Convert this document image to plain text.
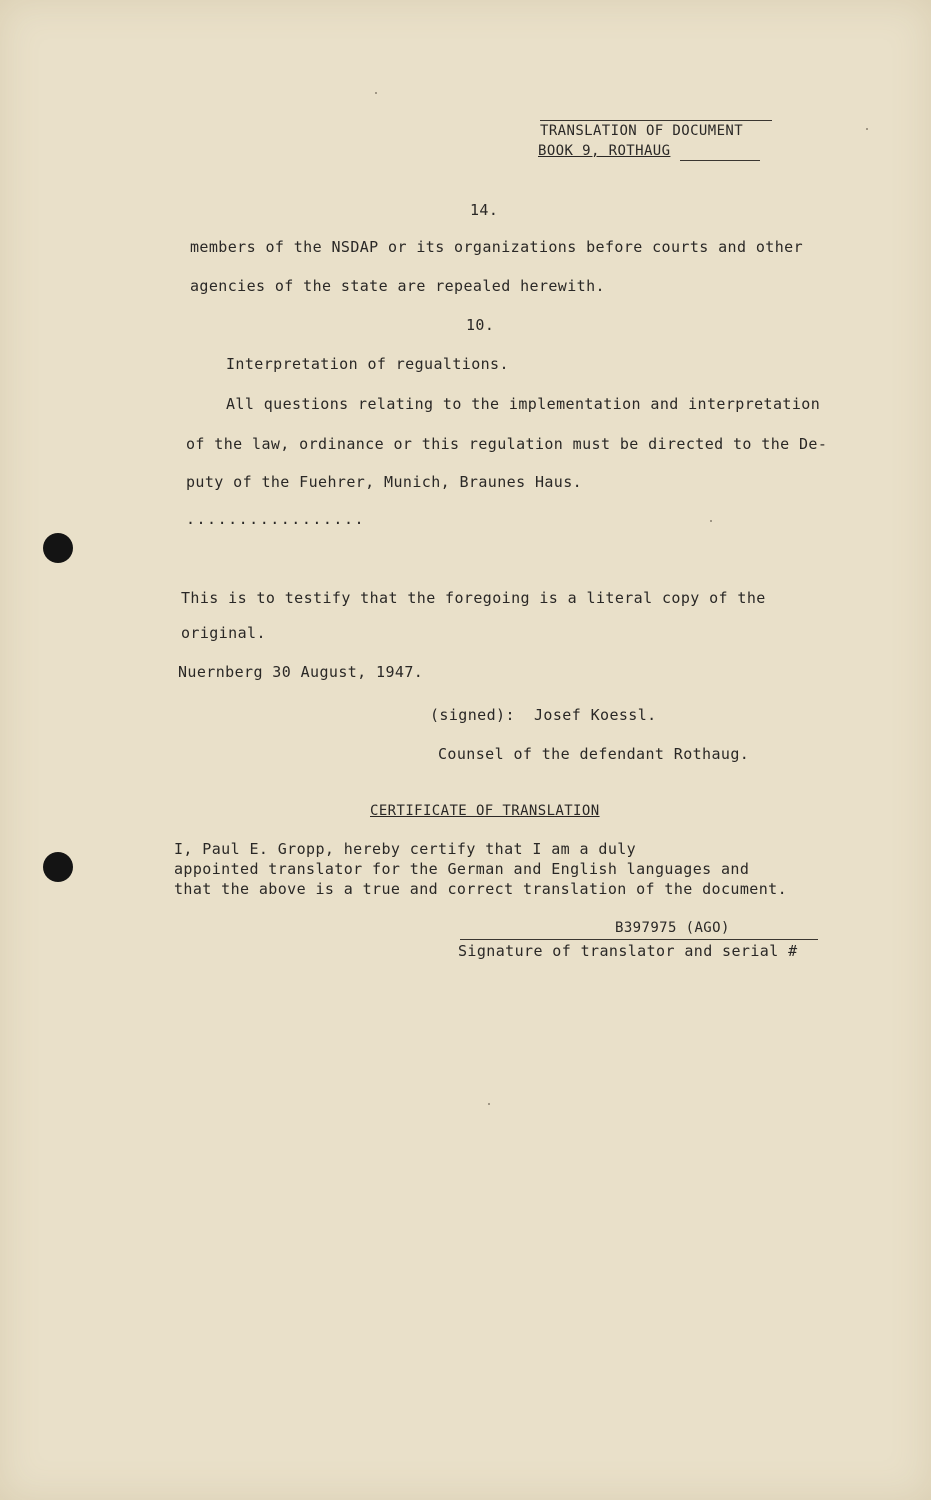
TRANSLATION OF DOCUMENT
BOOK 9, ROTHAUG
14.
members of the NSDAP or its organizations before courts and other
agencies of the state are repealed herewith.
10.
Interpretation of regualtions.
All questions relating to the implementation and interpretation
of the law, ordinance or this regulation must be directed to the De-
puty of the Fuehrer, Munich, Braunes Haus.
.................
This is to testify that the foregoing is a literal copy of the
original.
Nuernberg 30 August, 1947.
(signed): Josef Koessl.
Counsel of the defendant Rothaug.
CERTIFICATE OF TRANSLATION
I, Paul E. Gropp, hereby certify that I am a duly
appointed translator for the German and English languages and
that the above is a true and correct translation of the document.
B397975 (AGO)
Signature of translator and serial #
